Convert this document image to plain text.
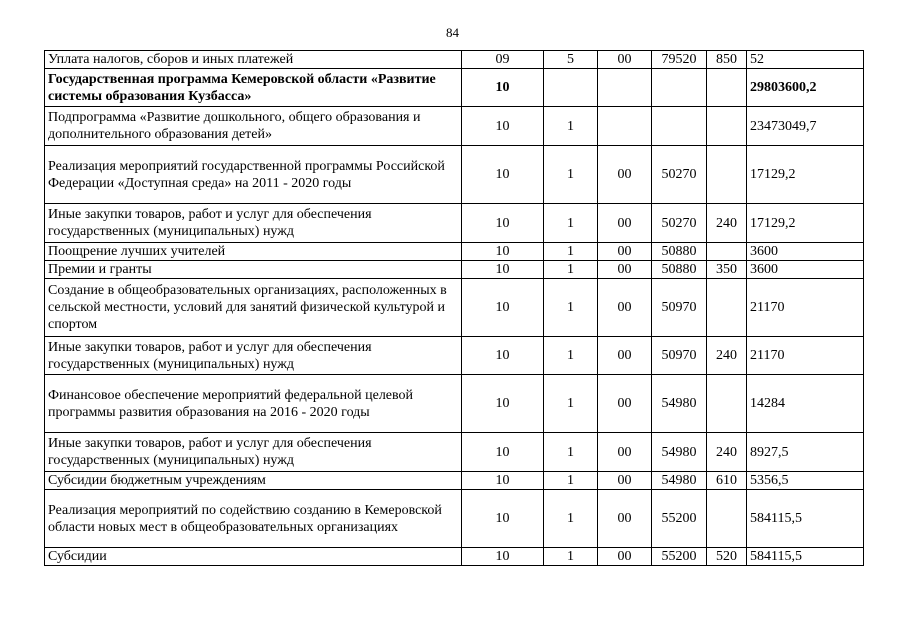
84
Уплата налогов, сборов и иных платежей	09	5	00	79520	850	52
Государственная программа Кемеровской области «Развитие системы образования Кузбасса»	10					29803600,2
Подпрограмма «Развитие дошкольного, общего образования и дополнительного образования детей»	10	1				23473049,7
Реализация мероприятий государственной программы Российской Федерации «Доступная среда» на 2011 - 2020 годы	10	1	00	50270		17129,2
Иные закупки товаров, работ и услуг для обеспечения государственных (муниципальных) нужд	10	1	00	50270	240	17129,2
Поощрение лучших учителей	10	1	00	50880		3600
Премии и гранты	10	1	00	50880	350	3600
Создание в общеобразовательных организациях, расположенных в сельской местности, условий для занятий физической культурой и спортом	10	1	00	50970		21170
Иные закупки товаров, работ и услуг для обеспечения государственных (муниципальных) нужд	10	1	00	50970	240	21170
Финансовое обеспечение мероприятий федеральной целевой программы развития образования на 2016 - 2020 годы	10	1	00	54980		14284
Иные закупки товаров, работ и услуг для обеспечения государственных (муниципальных) нужд	10	1	00	54980	240	8927,5
Субсидии бюджетным учреждениям	10	1	00	54980	610	5356,5
Реализация мероприятий по содействию созданию в Кемеровской области новых мест в общеобразовательных организациях	10	1	00	55200		584115,5
Субсидии	10	1	00	55200	520	584115,5
